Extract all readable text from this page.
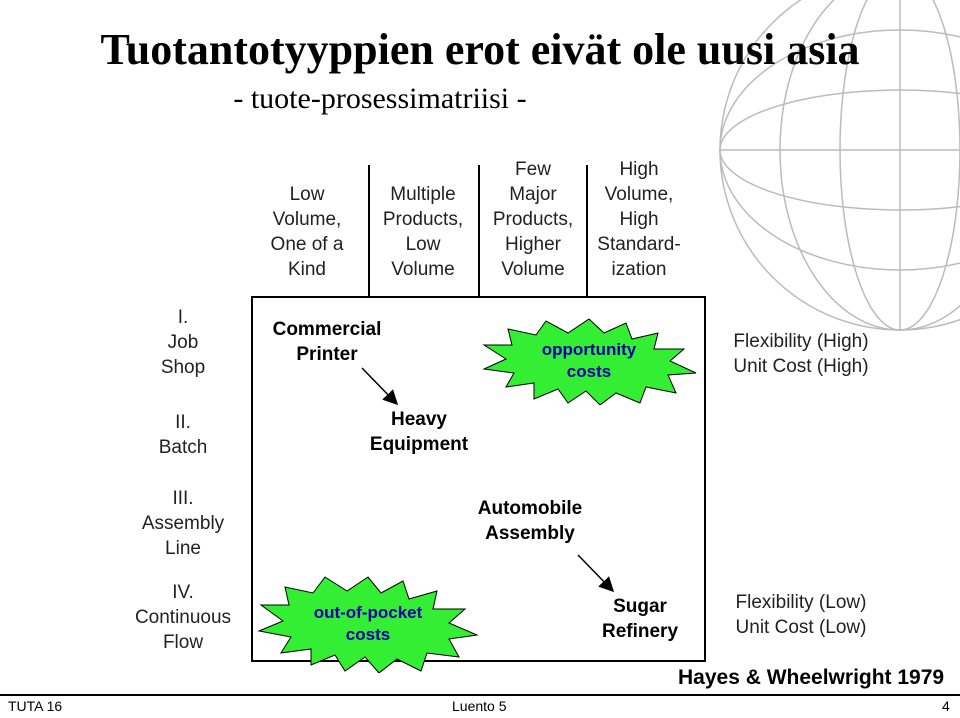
Tuotantotyyppien erot eivät ole uusi asia
- tuote-prosessimatriisi -
Low
Volume,
One of a
Kind
Multiple
Products,
Low
Volume
Few
Major
Products,
Higher
Volume
High
Volume,
High
Standard-
ization
I.
Job
Shop
II.
Batch
III.
Assembly
Line
IV.
Continuous
Flow
Commercial
Printer
Heavy
Equipment
Automobile
Assembly
Sugar
Refinery
opportunity
costs
out-of-pocket
costs
Flexibility (High)
Unit Cost (High)
Flexibility (Low)
Unit Cost (Low)
Hayes & Wheelwright 1979
TUTA 16	Luento 5	4
